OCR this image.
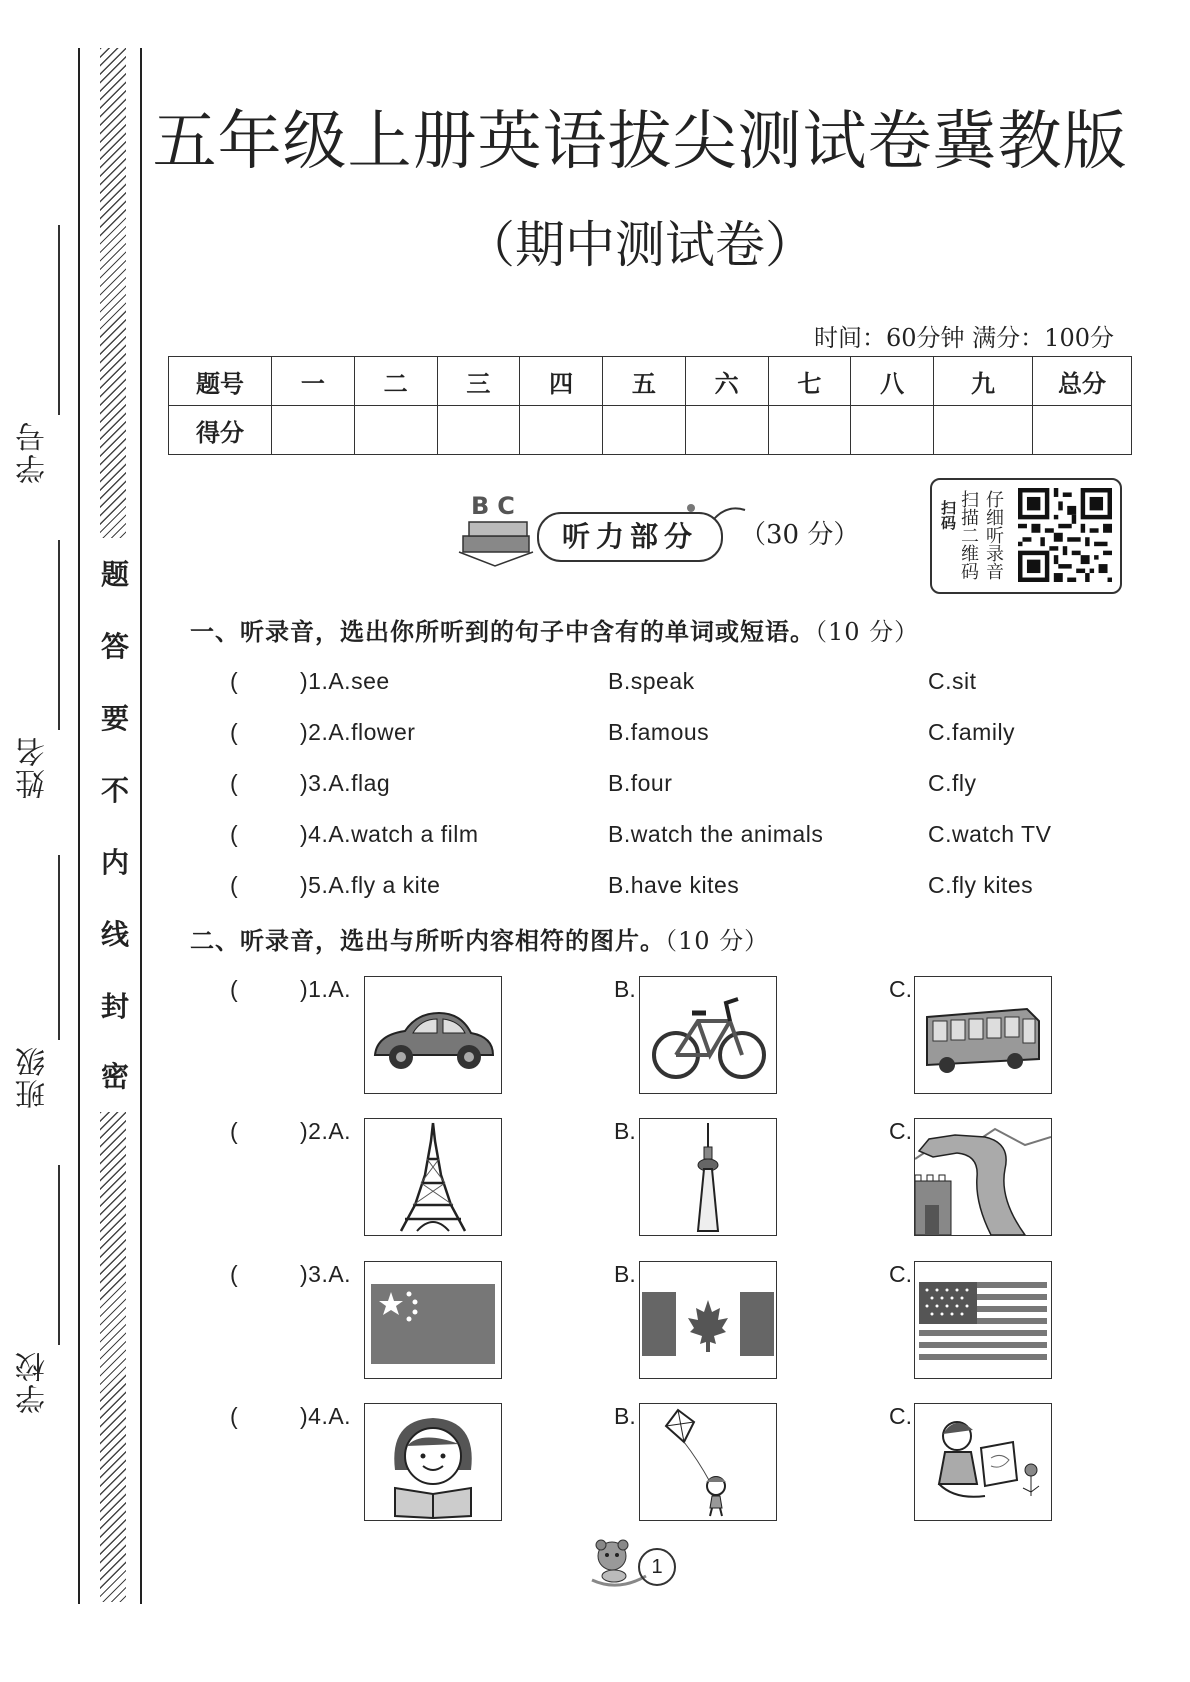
密
封
线
内
不
要
答
题
学校
班级
姓名
学号
五年级上册英语拔尖测试卷冀教版
（期中测试卷）
时间：60分钟 满分：100分
题号	一	二	三	四	五	六	七	八	九	总分
得分										
BC
听力部分	（30 分）
扫码 扫描二维码 仔细听录音
一、听录音，选出你所听到的句子中含有的单词或短语。（10 分）
(	)1.A.see	B.speak	C.sit
(	)2.A.flower	B.famous	C.family
(	)3.A.flag	B.four	C.fly
(	)4.A.watch a film	B.watch the animals	C.watch TV
(	)5.A.fly a kite	B.have kites	C.fly kites
二、听录音，选出与所听内容相符的图片。（10 分）
(	)1.A.	B.	C.
(	)2.A.	B.	C.
(	)3.A.	B.	C.
(	)4.A.	B.	C.
1
